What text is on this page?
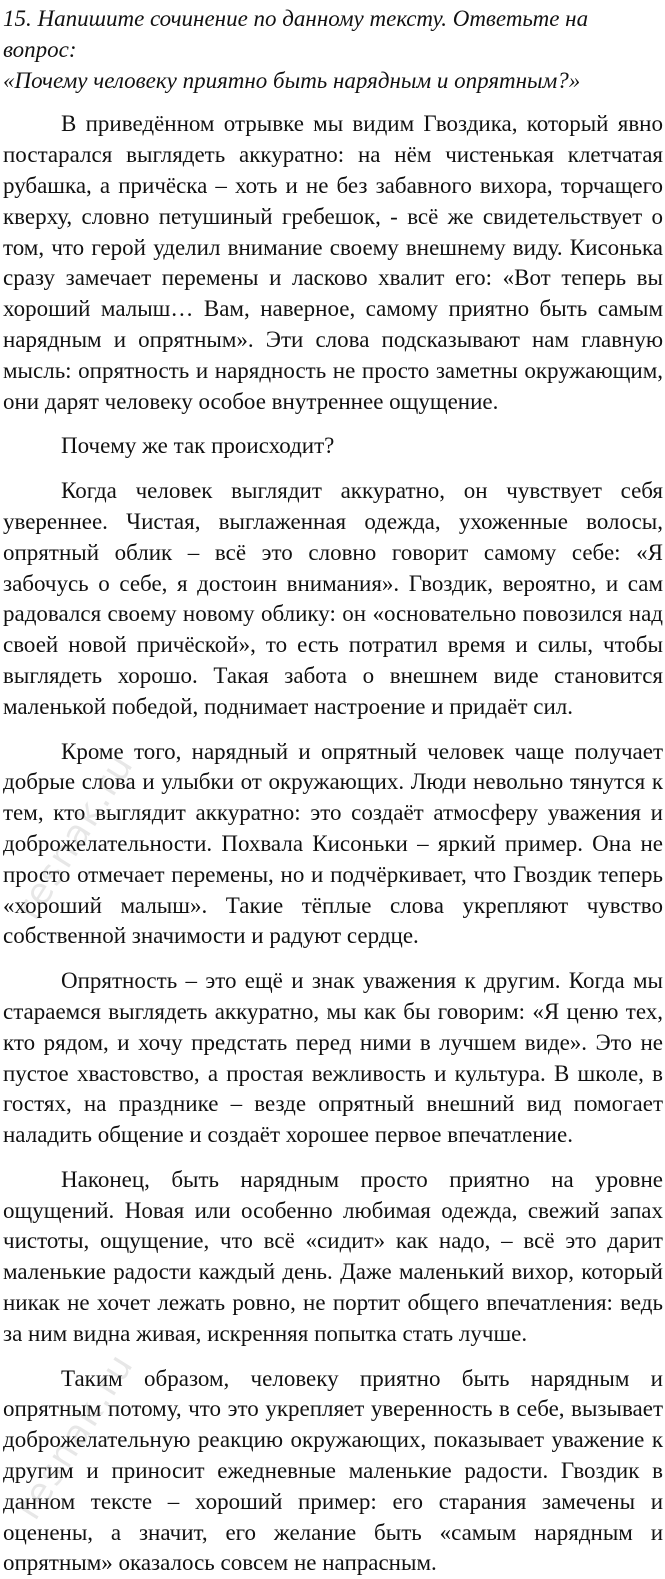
15. Напишите сочинение по данному тексту. Ответьте на вопрос:
«Почему человеку приятно быть нарядным и опрятным?»

В приведённом отрывке мы видим Гвоздика, который явно постарался выглядеть аккуратно: на нём чистенькая клетчатая рубашка, а причёска – хоть и не без забавного вихора, торчащего кверху, словно петушиный гребешок, - всё же свидетельствует о том, что герой уделил внимание своему внешнему виду. Кисонька сразу замечает перемены и ласково хвалит его: «Вот теперь вы хороший малыш… Вам, наверное, самому приятно быть самым нарядным и опрятным». Эти слова подсказывают нам главную мысль: опрятность и нарядность не просто заметны окружающим, они дарят человеку особое внутреннее ощущение.

Почему же так происходит?

Когда человек выглядит аккуратно, он чувствует себя увереннее. Чистая, выглаженная одежда, ухоженные волосы, опрятный облик – всё это словно говорит самому себе: «Я забочусь о себе, я достоин внимания». Гвоздик, вероятно, и сам радовался своему новому облику: он «основательно повозился над своей новой причёской», то есть потратил время и силы, чтобы выглядеть хорошо. Такая забота о внешнем виде становится маленькой победой, поднимает настроение и придаёт сил.

Кроме того, нарядный и опрятный человек чаще получает добрые слова и улыбки от окружающих. Люди невольно тянутся к тем, кто выглядит аккуратно: это создаёт атмосферу уважения и доброжелательности. Похвала Кисоньки – яркий пример. Она не просто отмечает перемены, но и подчёркивает, что Гвоздик теперь «хороший малыш». Такие тёплые слова укрепляют чувство собственной значимости и радуют сердце.

Опрятность – это ещё и знак уважения к другим. Когда мы стараемся выглядеть аккуратно, мы как бы говорим: «Я ценю тех, кто рядом, и хочу предстать перед ними в лучшем виде». Это не пустое хвастовство, а простая вежливость и культура. В школе, в гостях, на празднике – везде опрятный внешний вид помогает наладить общение и создаёт хорошее первое впечатление.

Наконец, быть нарядным просто приятно на уровне ощущений. Новая или особенно любимая одежда, свежий запах чистоты, ощущение, что всё «сидит» как надо, – всё это дарит маленькие радости каждый день. Даже маленький вихор, который никак не хочет лежать ровно, не портит общего впечатления: ведь за ним видна живая, искренняя попытка стать лучше.

Таким образом, человеку приятно быть нарядным и опрятным потому, что это укрепляет уверенность в себе, вызывает доброжелательную реакцию окружающих, показывает уважение к другим и приносит ежедневные маленькие радости. Гвоздик в данном тексте – хороший пример: его старания замечены и оценены, а значит, его желание быть «самым нарядным и опрятным» оказалось совсем не напрасным.

resnak.ru
resnak.ru
